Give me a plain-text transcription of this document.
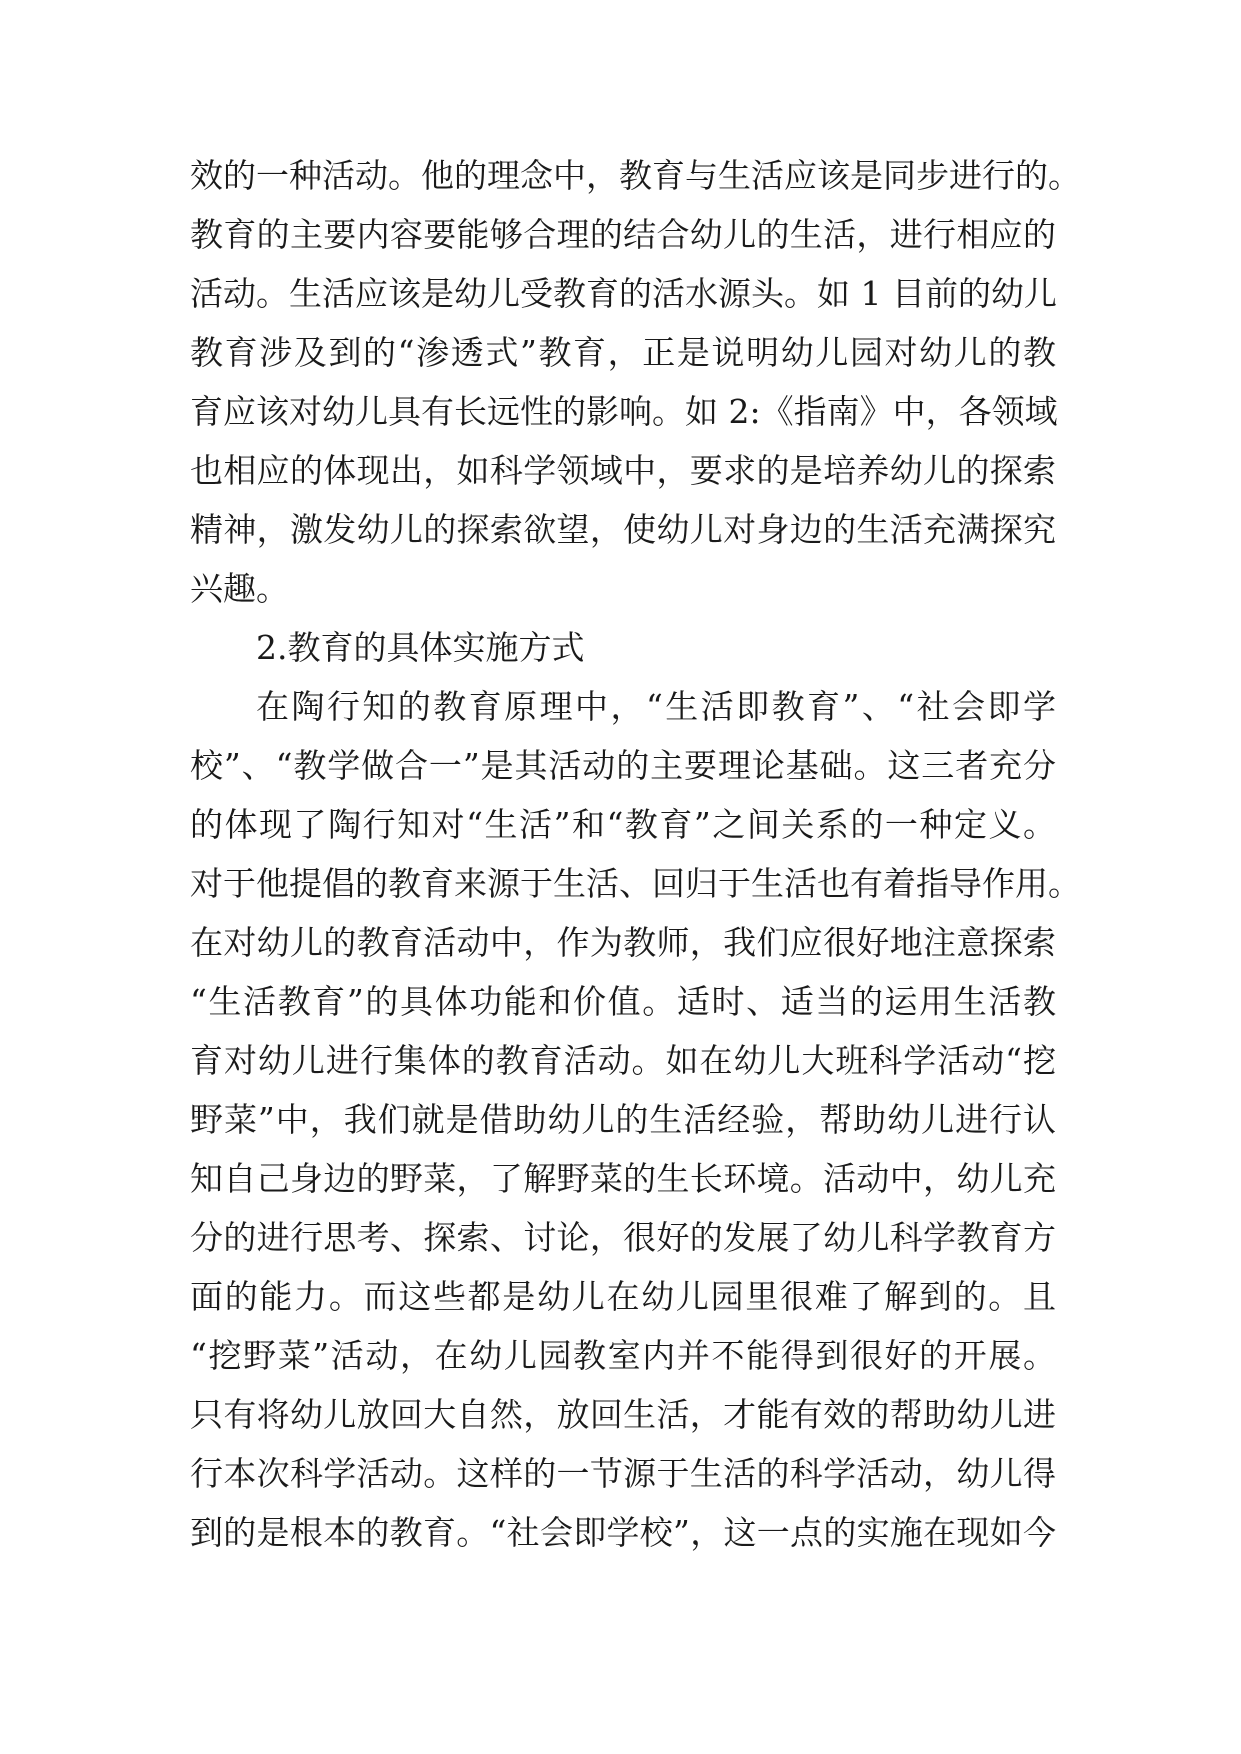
效的一种活动。他的理念中，教育与生活应该是同步进行的。
教育的主要内容要能够合理的结合幼儿的生活，进行相应的
活动。生活应该是幼儿受教育的活水源头。如 1 目前的幼儿
教育涉及到的“渗透式”教育，正是说明幼儿园对幼儿的教
育应该对幼儿具有长远性的影响。如 2:《指南》中，各领域
也相应的体现出，如科学领域中，要求的是培养幼儿的探索
精神，激发幼儿的探索欲望，使幼儿对身边的生活充满探究
兴趣。
2.教育的具体实施方式
在陶行知的教育原理中，“生活即教育”、“社会即学
校”、“教学做合一”是其活动的主要理论基础。这三者充分
的体现了陶行知对“生活”和“教育”之间关系的一种定义。
对于他提倡的教育来源于生活、回归于生活也有着指导作用。
在对幼儿的教育活动中，作为教师，我们应很好地注意探索
“生活教育”的具体功能和价值。适时、适当的运用生活教
育对幼儿进行集体的教育活动。如在幼儿大班科学活动“挖
野菜”中，我们就是借助幼儿的生活经验，帮助幼儿进行认
知自己身边的野菜，了解野菜的生长环境。活动中，幼儿充
分的进行思考、探索、讨论，很好的发展了幼儿科学教育方
面的能力。而这些都是幼儿在幼儿园里很难了解到的。且
“挖野菜”活动，在幼儿园教室内并不能得到很好的开展。
只有将幼儿放回大自然，放回生活，才能有效的帮助幼儿进
行本次科学活动。这样的一节源于生活的科学活动，幼儿得
到的是根本的教育。“社会即学校”，这一点的实施在现如今
